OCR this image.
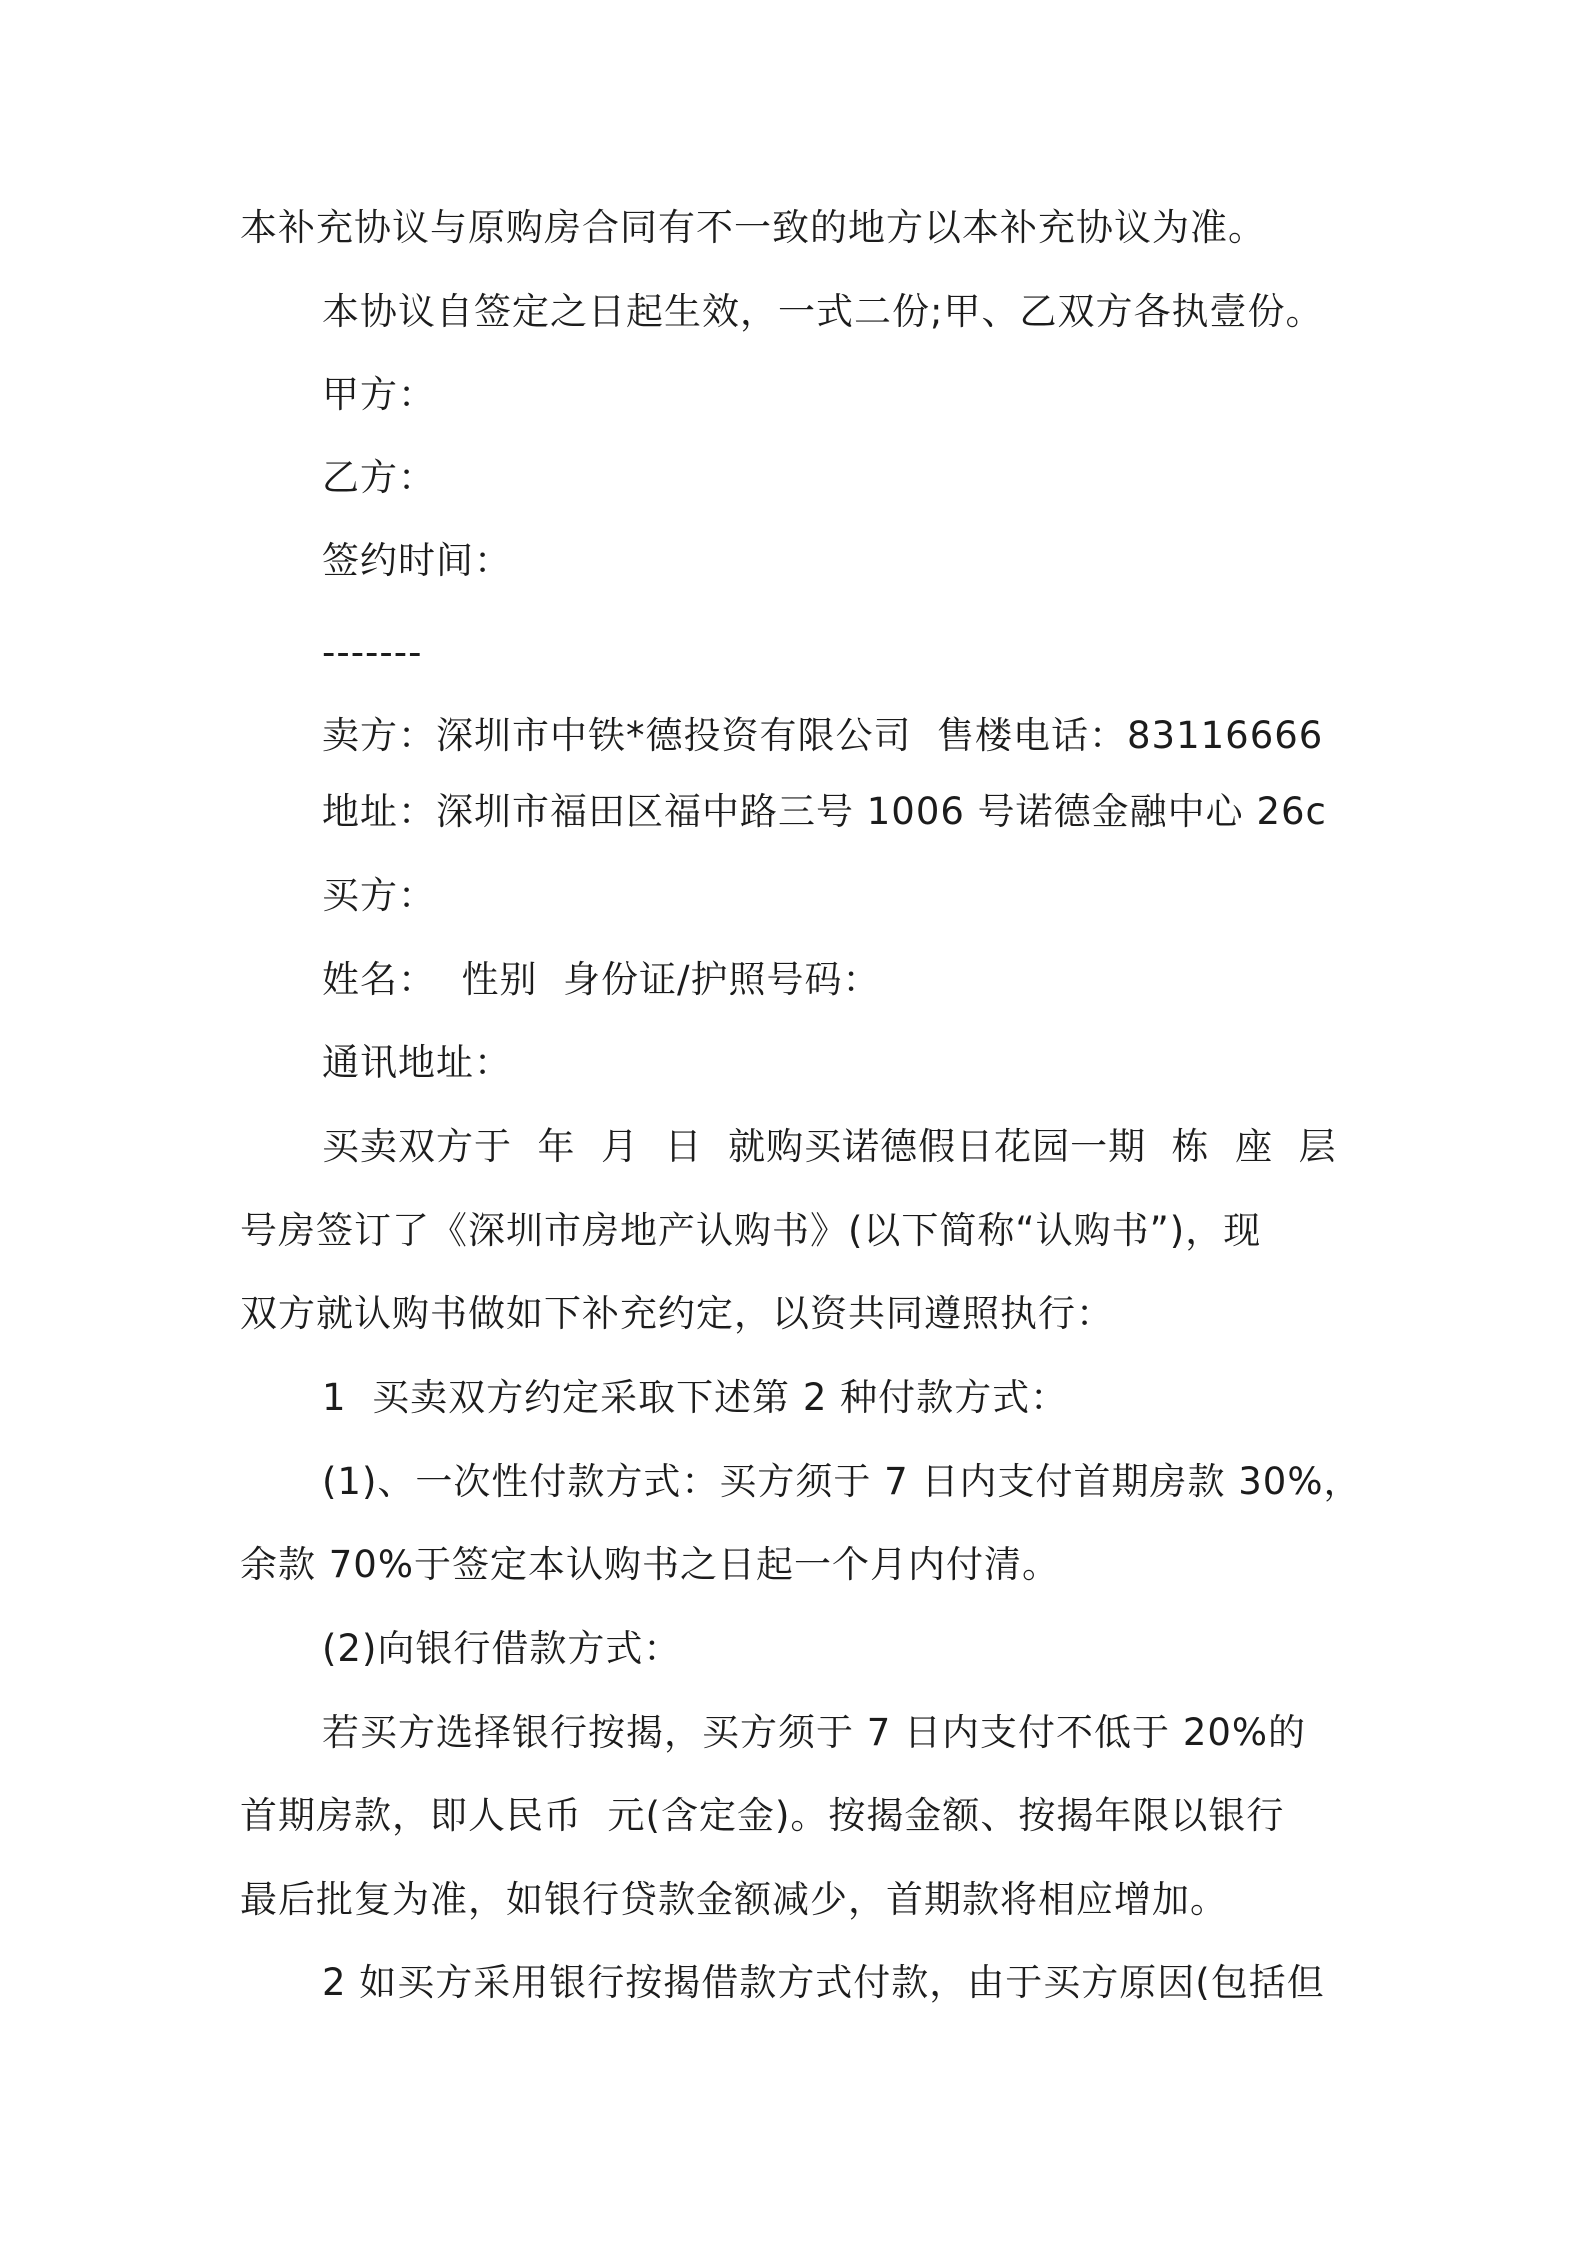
本补充协议与原购房合同有不一致的地方以本补充协议为准。
本协议自签定之日起生效，一式二份;甲、乙双方各执壹份。
甲方：
乙方：
签约时间：
-------
卖方：深圳市中铁*德投资有限公司  售楼电话：83116666
地址：深圳市福田区福中路三号 1006 号诺德金融中心 26c
买方：
姓名：  性别  身份证/护照号码：
通讯地址：
买卖双方于  年  月  日  就购买诺德假日花园一期  栋  座  层
号房签订了《深圳市房地产认购书》(以下简称“认购书”)，现
双方就认购书做如下补充约定，以资共同遵照执行：
1  买卖双方约定采取下述第 2 种付款方式：
(1)、一次性付款方式：买方须于 7 日内支付首期房款 30%，
余款 70%于签定本认购书之日起一个月内付清。
(2)向银行借款方式：
若买方选择银行按揭，买方须于 7 日内支付不低于 20%的
首期房款，即人民币  元(含定金)。按揭金额、按揭年限以银行
最后批复为准，如银行贷款金额减少，首期款将相应增加。
2 如买方采用银行按揭借款方式付款，由于买方原因(包括但
